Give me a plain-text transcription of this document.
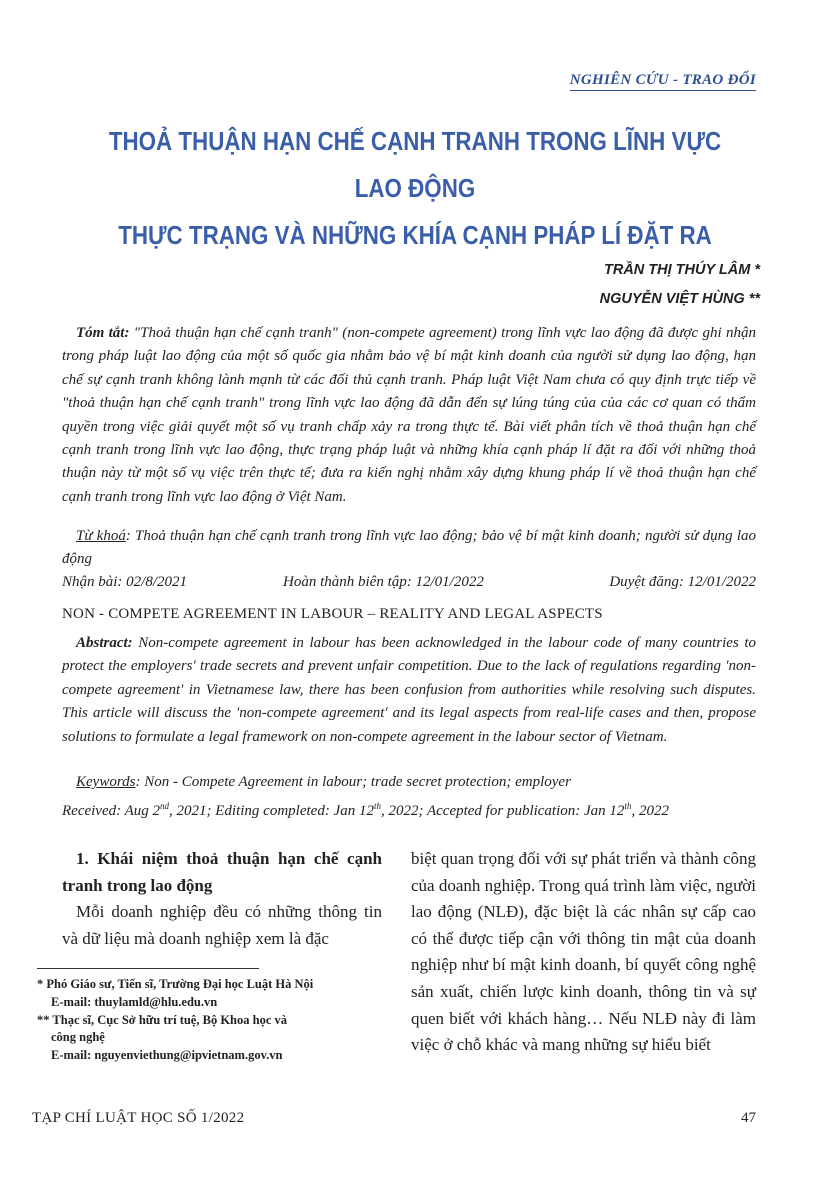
NGHIÊN CỨU - TRAO ĐỔI
THOẢ THUẬN HẠN CHẾ CẠNH TRANH TRONG LĨNH VỰC LAO ĐỘNG
THỰC TRẠNG VÀ NHỮNG KHÍA CẠNH PHÁP LÍ ĐẶT RA
TRẦN THỊ THÚY LÂM *
NGUYỄN VIỆT HÙNG **
Tóm tắt: "Thoả thuận hạn chế cạnh tranh" (non-compete agreement) trong lĩnh vực lao động đã được ghi nhận trong pháp luật lao động của một số quốc gia nhằm bảo vệ bí mật kinh doanh của người sử dụng lao động, hạn chế sự cạnh tranh không lành mạnh từ các đối thủ cạnh tranh. Pháp luật Việt Nam chưa có quy định trực tiếp về "thoả thuận hạn chế cạnh tranh" trong lĩnh vực lao động đã dẫn đến sự lúng túng của của các cơ quan có thẩm quyền trong việc giải quyết một số vụ tranh chấp xảy ra trong thực tế. Bài viết phân tích về thoả thuận hạn chế cạnh tranh trong lĩnh vực lao động, thực trạng pháp luật và những khía cạnh pháp lí đặt ra đối với những thoả thuận này từ một số vụ việc trên thực tế; đưa ra kiến nghị nhằm xây dựng khung pháp lí về thoả thuận hạn chế cạnh tranh trong lĩnh vực lao động ở Việt Nam.
Từ khoá: Thoả thuận hạn chế cạnh tranh trong lĩnh vực lao động; bảo vệ bí mật kinh doanh; người sử dụng lao động
Nhận bài: 02/8/2021	Hoàn thành biên tập: 12/01/2022	Duyệt đăng: 12/01/2022
NON - COMPETE AGREEMENT IN LABOUR – REALITY AND LEGAL ASPECTS
Abstract: Non-compete agreement in labour has been acknowledged in the labour code of many countries to protect the employers' trade secrets and prevent unfair competition. Due to the lack of regulations regarding 'non-compete agreement' in Vietnamese law, there has been confusion from authorities while resolving such disputes. This article will discuss the 'non-compete agreement' and its legal aspects from real-life cases and then, propose solutions to formulate a legal framework on non-compete agreement in the labour sector of Vietnam.
Keywords: Non - Compete Agreement in labour; trade secret protection; employer
Received: Aug 2nd, 2021; Editing completed: Jan 12th, 2022; Accepted for publication: Jan 12th, 2022
1. Khái niệm thoả thuận hạn chế cạnh tranh trong lao động

Mỗi doanh nghiệp đều có những thông tin và dữ liệu mà doanh nghiệp xem là đặc

biệt quan trọng đối với sự phát triển và thành công của doanh nghiệp. Trong quá trình làm việc, người lao động (NLĐ), đặc biệt là các nhân sự cấp cao có thể được tiếp cận với thông tin mật của doanh nghiệp như bí mật kinh doanh, bí quyết công nghệ sản xuất, chiến lược kinh doanh, thông tin và sự quen biết với khách hàng… Nếu NLĐ này đi làm việc ở chỗ khác và mang những sự hiểu biết

* Phó Giáo sư, Tiến sĩ, Trường Đại học Luật Hà Nội

E-mail: thuylamld@hlu.edu.vn

** Thạc sĩ, Cục Sở hữu trí tuệ, Bộ Khoa học và

công nghệ

E-mail: nguyenviethung@ipvietnam.gov.vn

TẠP CHÍ LUẬT HỌC SỐ 1/2022	47
